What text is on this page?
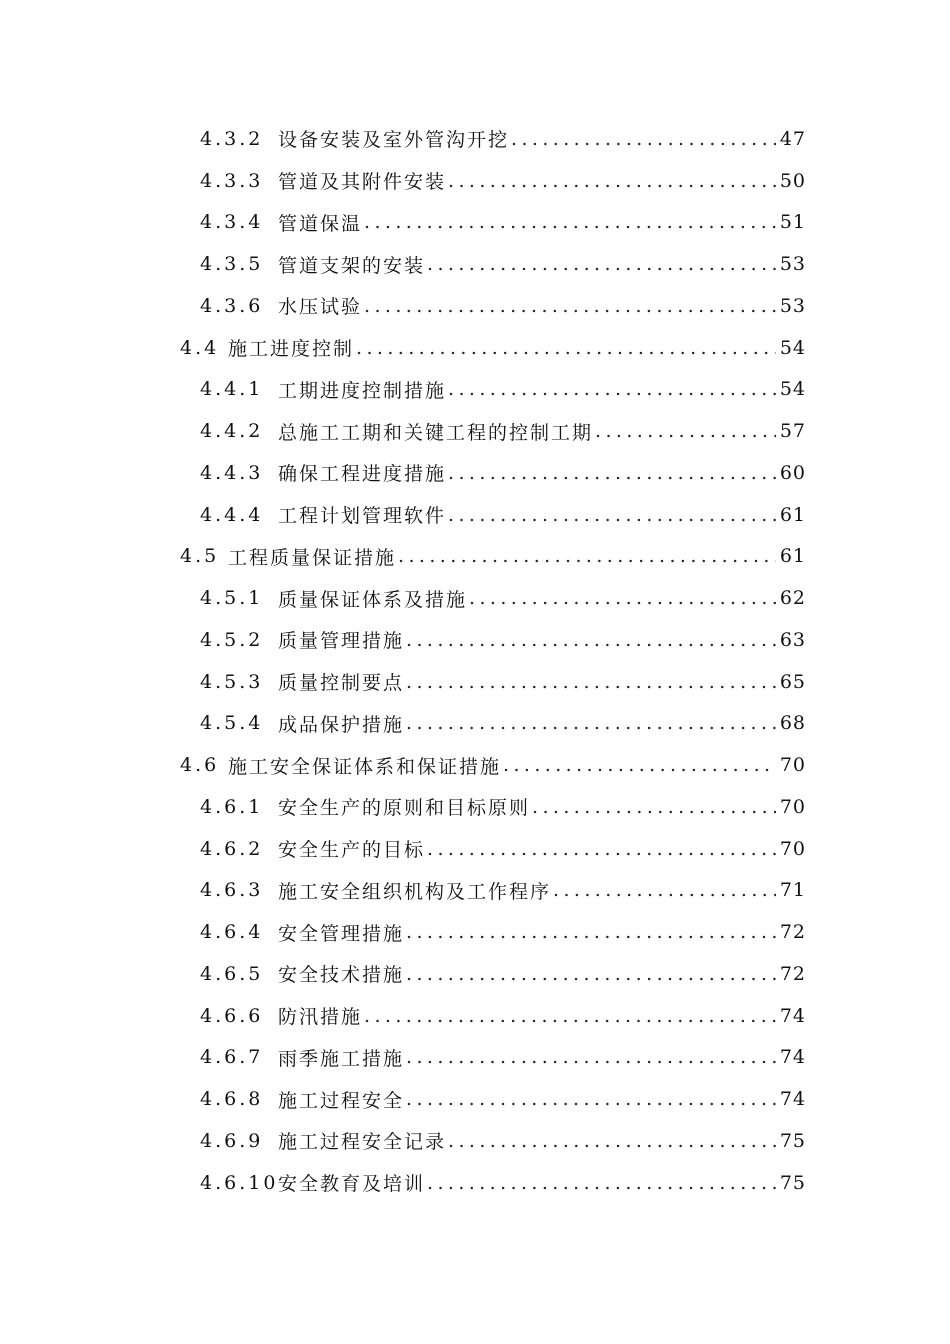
4.3.2 设备安装及室外管沟开挖 .....	47
4.3.3 管道及其附件安装 .....	50
4.3.4 管道保温 .....	51
4.3.5 管道支架的安装 .....	53
4.3.6 水压试验 .....	53
4.4 施工进度控制 .....	54
4.4.1 工期进度控制措施 .....	54
4.4.2 总施工工期和关键工程的控制工期 .....	57
4.4.3 确保工程进度措施 .....	60
4.4.4 工程计划管理软件 .....	61
4.5 工程质量保证措施 .....	61
4.5.1 质量保证体系及措施 .....	62
4.5.2 质量管理措施 .....	63
4.5.3 质量控制要点 .....	65
4.5.4 成品保护措施 .....	68
4.6 施工安全保证体系和保证措施 .....	70
4.6.1 安全生产的原则和目标原则 .....	70
4.6.2 安全生产的目标 .....	70
4.6.3 施工安全组织机构及工作程序 .....	71
4.6.4 安全管理措施 .....	72
4.6.5 安全技术措施 .....	72
4.6.6 防汛措施 .....	74
4.6.7 雨季施工措施 .....	74
4.6.8 施工过程安全 .....	74
4.6.9 施工过程安全记录 .....	75
4.6.10 安全教育及培训 .....	75
